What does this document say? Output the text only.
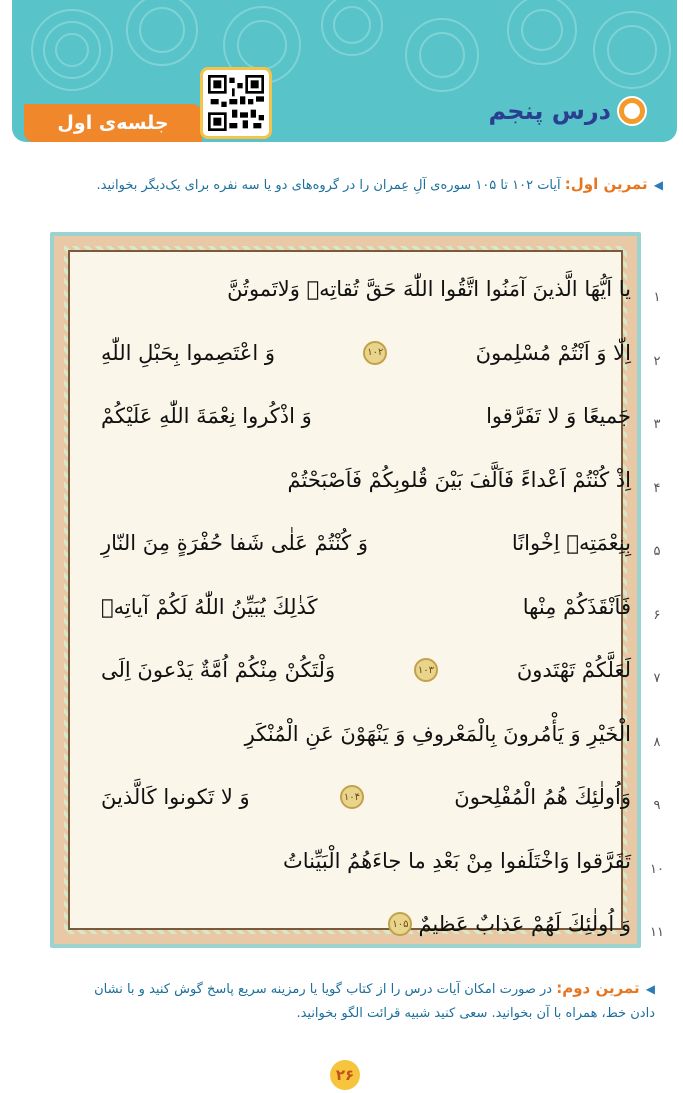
جلسه‌ی اول	درس پنجم
◀ تمرین اول: آیات ۱۰۲ تا ۱۰۵ سوره‌ی آلِ عِمران را در گروه‌های دو یا سه نفره برای یک‌دیگر بخوانید.
۱
۲
۳
۴
۵
۶
۷
۸
۹
۱۰
۱۱
یا اَیُّهَا الَّذینَ آمَنُوا اتَّقُوا اللّٰهَ حَقَّ تُقاتِهٖ وَلاتَموتُنَّ
اِلّا وَ اَنْتُمْ مُسْلِمونَ
۱۰۲
وَ اعْتَصِموا بِحَبْلِ اللّٰهِ
جَمیعًا وَ لا تَفَرَّقوا
وَ اذْكُروا نِعْمَةَ اللّٰهِ عَلَيْكُمْ
اِذْ كُنْتُمْ اَعْداءً فَاَلَّفَ بَيْنَ قُلوبِكُمْ فَاَصْبَحْتُمْ
بِنِعْمَتِهٖ اِخْوانًا
وَ كُنْتُمْ عَلٰى شَفا حُفْرَةٍ مِنَ النّارِ
فَاَنْقَذَكُمْ مِنْها
كَذٰلِكَ يُبَيِّنُ اللّٰهُ لَكُمْ آياتِهٖ
لَعَلَّكُمْ تَهْتَدونَ
۱۰۳
وَلْتَكُنْ مِنْكُمْ اُمَّةٌ يَدْعونَ اِلَى
الْخَيْرِ وَ يَأْمُرونَ بِالْمَعْروفِ وَ يَنْهَوْنَ عَنِ الْمُنْكَرِ
وَاُولٰئِكَ هُمُ الْمُفْلِحونَ
۱۰۴
وَ لا تَكونوا كَالَّذينَ
تَفَرَّقوا وَاخْتَلَفوا مِنْ بَعْدِ ما جاءَهُمُ الْبَيِّناتُ
وَ اُولٰئِكَ لَهُمْ عَذابٌ عَظيمٌ
۱۰۵
◀ تمرین دوم: در صورت امکان آیات درس را از کتاب گویا یا رمزینه سریع پاسخ گوش کنید و با نشان
دادن خط، همراه با آن بخوانید. سعی کنید شبیه قرائت الگو بخوانید.
۲۶
